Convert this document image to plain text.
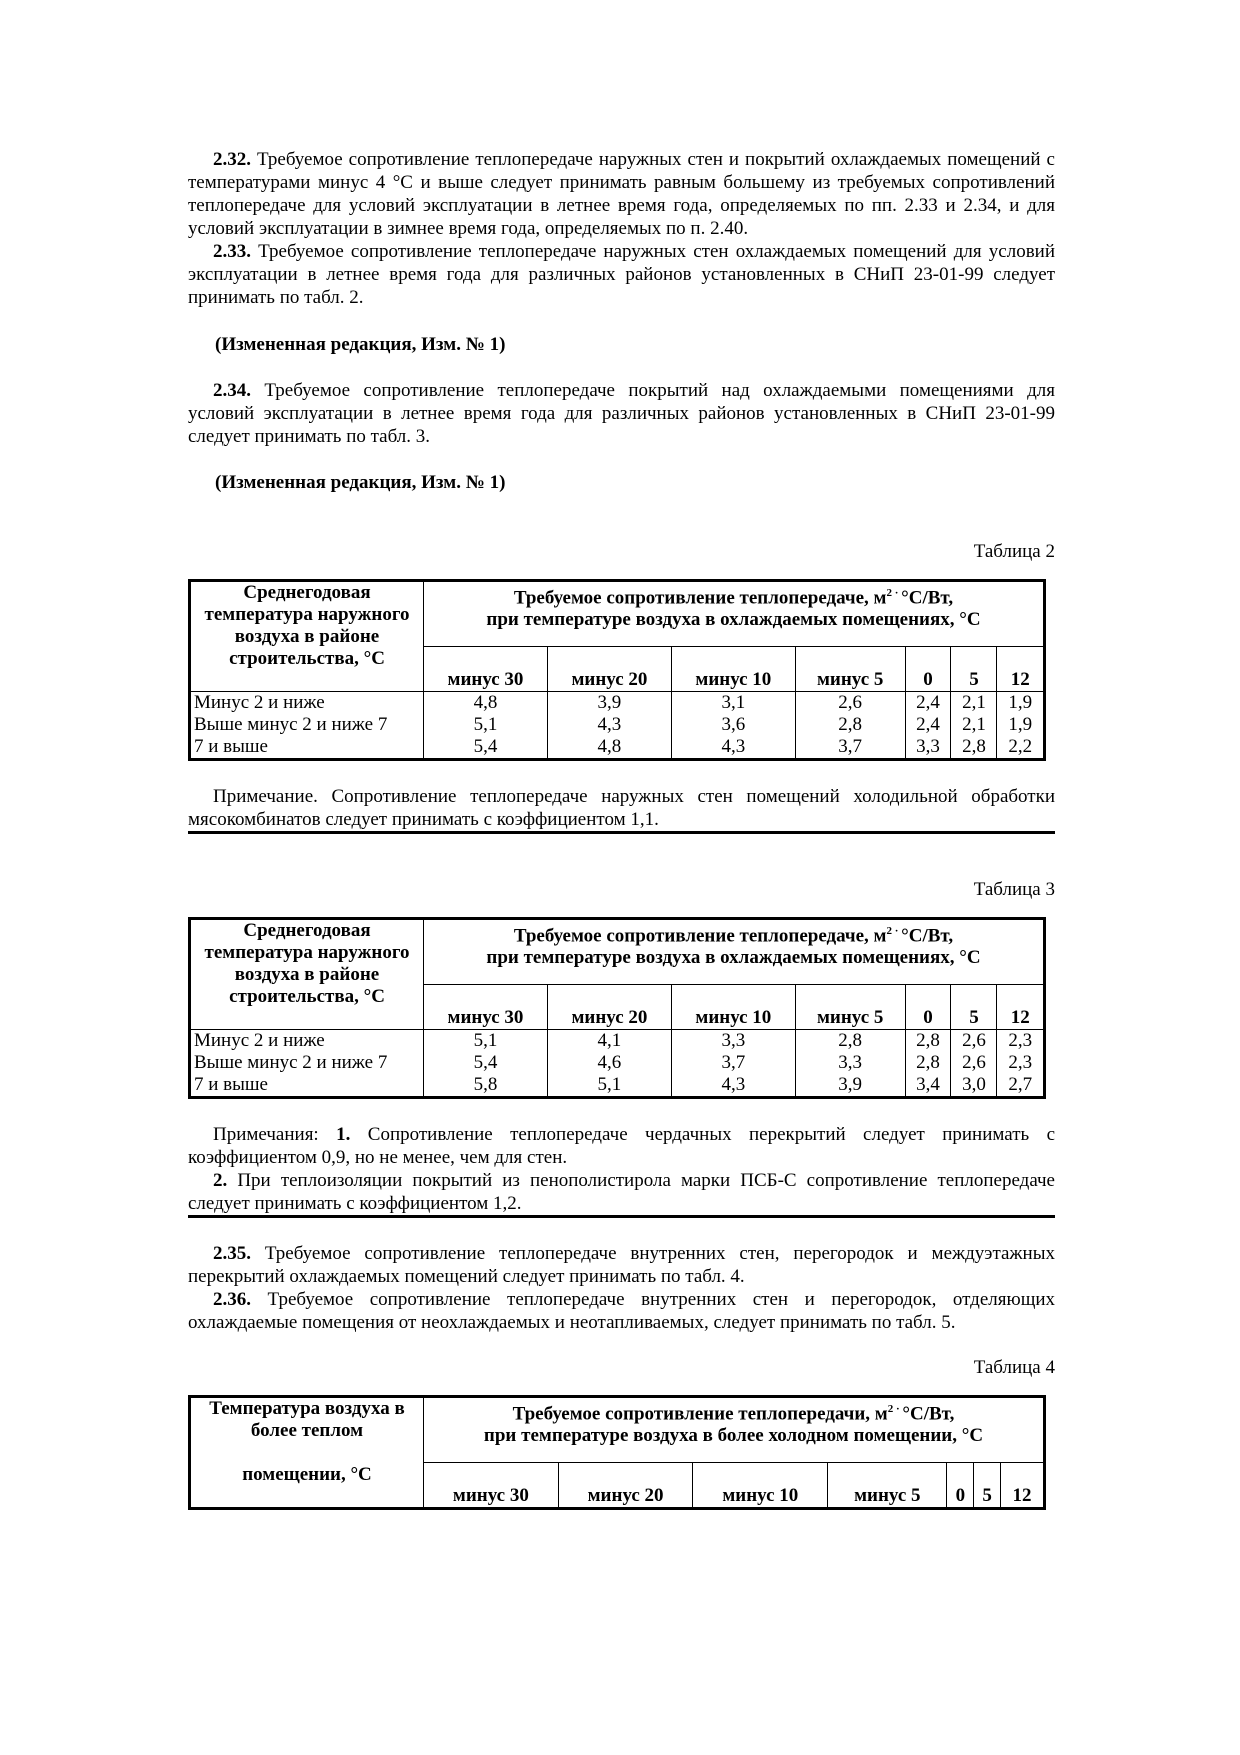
2.32. Требуемое сопротивление теплопередаче наружных стен и покрытий охлаждаемых помещений с температурами минус 4 °С и выше следует принимать равным большему из требуемых сопротивлений теплопередаче для условий эксплуатации в летнее время года, определяемых по пп. 2.33 и 2.34, и для условий эксплуатации в зимнее время года, определяемых по п. 2.40.

2.33. Требуемое сопротивление теплопередаче наружных стен охлаждаемых помещений для условий эксплуатации в летнее время года для различных районов установленных в СНиП 23-01-99 следует принимать по табл. 2.

(Измененная редакция, Изм. № 1)

2.34. Требуемое сопротивление теплопередаче покрытий над охлаждаемыми помещениями для условий эксплуатации в летнее время года для различных районов установленных в СНиП 23-01-99 следует принимать по табл. 3.

(Измененная редакция, Изм. № 1)

Таблица 2

Среднегодовая температура наружного воздуха в районе строительства, °С	Требуемое сопротивление теплопередаче, $м^{2 \cdot}$ °С/Вт,
при температуре воздуха в охлаждаемых помещениях, °С						
	минус 30	минус 20	минус 10	минус 5	0	5	12
Минус 2 и ниже	4,8	3,9	3,1	2,6	2,4	2,1	1,9
Выше минус 2 и ниже 7	5,1	4,3	3,6	2,8	2,4	2,1	1,9
7 и выше	5,4	4,8	4,3	3,7	3,3	2,8	2,2

Примечание. Сопротивление теплопередаче наружных стен помещений холодильной обработки мясокомбинатов следует принимать с коэффициентом 1,1.

Таблица 3

Среднегодовая температура наружного воздуха в районе строительства, °С	Требуемое сопротивление теплопередаче, $м^{2 \cdot}$ °С/Вт,
при температуре воздуха в охлаждаемых помещениях, °С						
	минус 30	минус 20	минус 10	минус 5	0	5	12
Минус 2 и ниже	5,1	4,1	3,3	2,8	2,8	2,6	2,3
Выше минус 2 и ниже 7	5,4	4,6	3,7	3,3	2,8	2,6	2,3
7 и выше	5,8	5,1	4,3	3,9	3,4	3,0	2,7

Примечания: 1. Сопротивление теплопередаче чердачных перекрытий следует принимать с коэффициентом 0,9, но не менее, чем для стен.

2. При теплоизоляции покрытий из пенополистирола марки ПСБ-С сопротивление теплопередаче следует принимать с коэффициентом 1,2.

2.35. Требуемое сопротивление теплопередаче внутренних стен, перегородок и междуэтажных перекрытий охлаждаемых помещений следует принимать по табл. 4.

2.36. Требуемое сопротивление теплопередаче внутренних стен и перегородок, отделяющих охлаждаемые помещения от неохлаждаемых и неотапливаемых, следует принимать по табл. 5.

Таблица 4

Температура воздуха в более теплом

помещении, °С	Требуемое сопротивление теплопередачи, $м^{2 \cdot}$ °С/Вт,
при температуре воздуха в более холодном помещении, °С						
	минус 30	минус 20	минус 10	минус 5	0	5	12
